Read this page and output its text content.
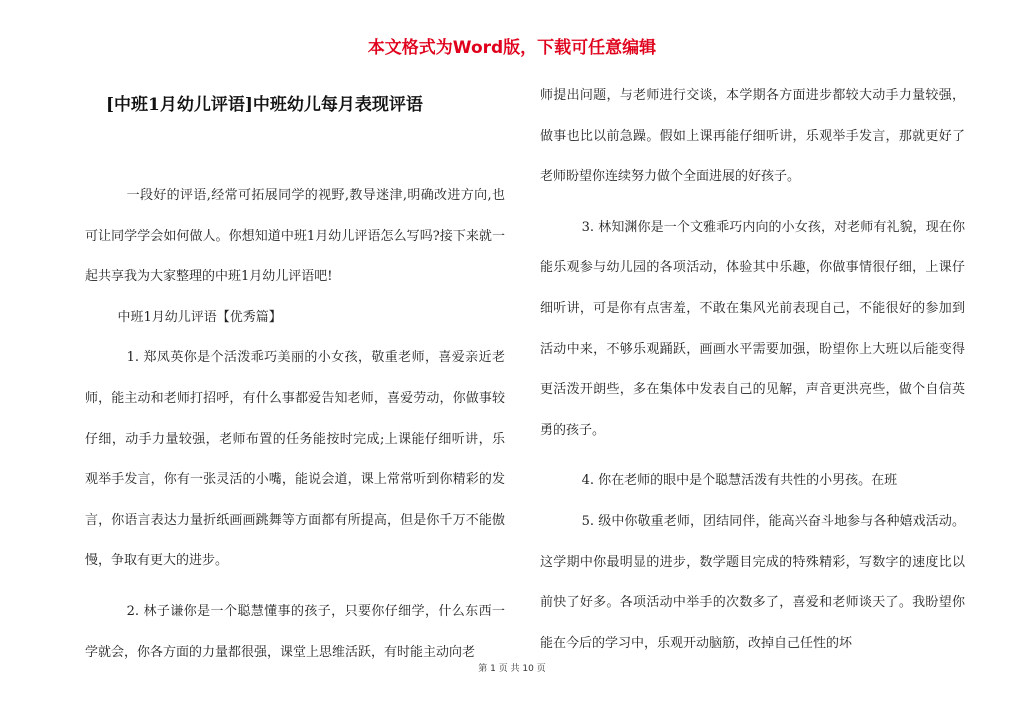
本文格式为Word版，下载可任意编辑
[中班1月幼儿评语]中班幼儿每月表现评语

一段好的评语,经常可拓展同学的视野,教导迷津,明确改进方向,也可让同学学会如何做人。你想知道中班1月幼儿评语怎么写吗?接下来就一起共享我为大家整理的中班1月幼儿评语吧!

中班1月幼儿评语【优秀篇】

1. 郑凤英你是个活泼乖巧美丽的小女孩，敬重老师，喜爱亲近老师，能主动和老师打招呼，有什么事都爱告知老师，喜爱劳动，你做事较仔细，动手力量较强，老师布置的任务能按时完成;上课能仔细听讲，乐观举手发言，你有一张灵活的小嘴，能说会道，课上常常听到你精彩的发言，你语言表达力量折纸画画跳舞等方面都有所提高，但是你千万不能傲慢，争取有更大的进步。

2. 林子谦你是一个聪慧懂事的孩子，只要你仔细学，什么东西一学就会，你各方面的力量都很强，课堂上思维活跃，有时能主动向老

师提出问题，与老师进行交谈，本学期各方面进步都较大动手力量较强，做事也比以前急躁。假如上课再能仔细听讲，乐观举手发言，那就更好了老师盼望你连续努力做个全面进展的好孩子。

3. 林知渊你是一个文雅乖巧内向的小女孩，对老师有礼貌，现在你能乐观参与幼儿园的各项活动，体验其中乐趣，你做事情很仔细，上课仔细听讲，可是你有点害羞，不敢在集风光前表现自己，不能很好的参加到活动中来，不够乐观踊跃，画画水平需要加强，盼望你上大班以后能变得更活泼开朗些，多在集体中发表自己的见解，声音更洪亮些，做个自信英勇的孩子。

4. 你在老师的眼中是个聪慧活泼有共性的小男孩。在班

5. 级中你敬重老师，团结同伴，能高兴奋斗地参与各种嬉戏活动。这学期中你最明显的进步，数学题目完成的特殊精彩，写数字的速度比以前快了好多。各项活动中举手的次数多了，喜爱和老师谈天了。我盼望你能在今后的学习中，乐观开动脑筋，改掉自己任性的坏

第 1 页 共 10 页
